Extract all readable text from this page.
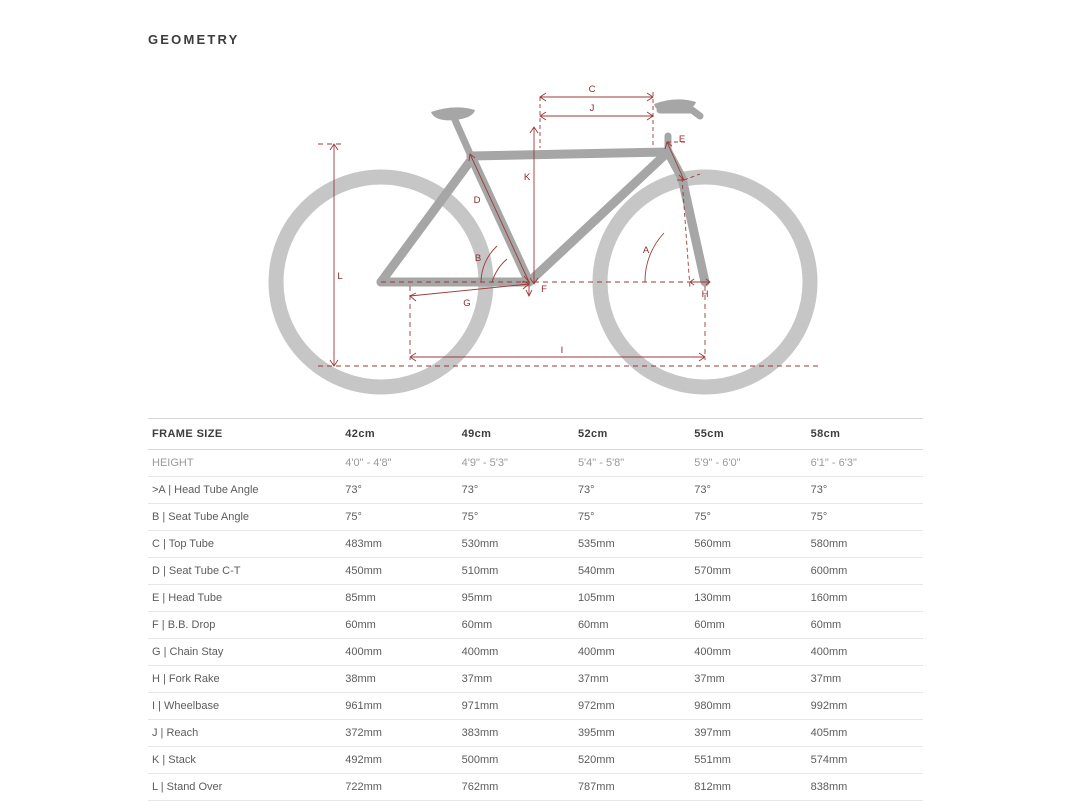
GEOMETRY
C
J
E
K
D
A
B
L
F
G
H
I
FRAME SIZE	42cm	49cm	52cm	55cm	58cm
HEIGHT	4'0" - 4'8"	4'9" - 5'3"	5'4" - 5'8"	5'9" - 6'0"	6'1" - 6'3"
>A | Head Tube Angle	73°	73°	73°	73°	73°
B | Seat Tube Angle	75°	75°	75°	75°	75°
C | Top Tube	483mm	530mm	535mm	560mm	580mm
D | Seat Tube C-T	450mm	510mm	540mm	570mm	600mm
E | Head Tube	85mm	95mm	105mm	130mm	160mm
F | B.B. Drop	60mm	60mm	60mm	60mm	60mm
G | Chain Stay	400mm	400mm	400mm	400mm	400mm
H | Fork Rake	38mm	37mm	37mm	37mm	37mm
I | Wheelbase	961mm	971mm	972mm	980mm	992mm
J | Reach	372mm	383mm	395mm	397mm	405mm
K | Stack	492mm	500mm	520mm	551mm	574mm
L | Stand Over	722mm	762mm	787mm	812mm	838mm
